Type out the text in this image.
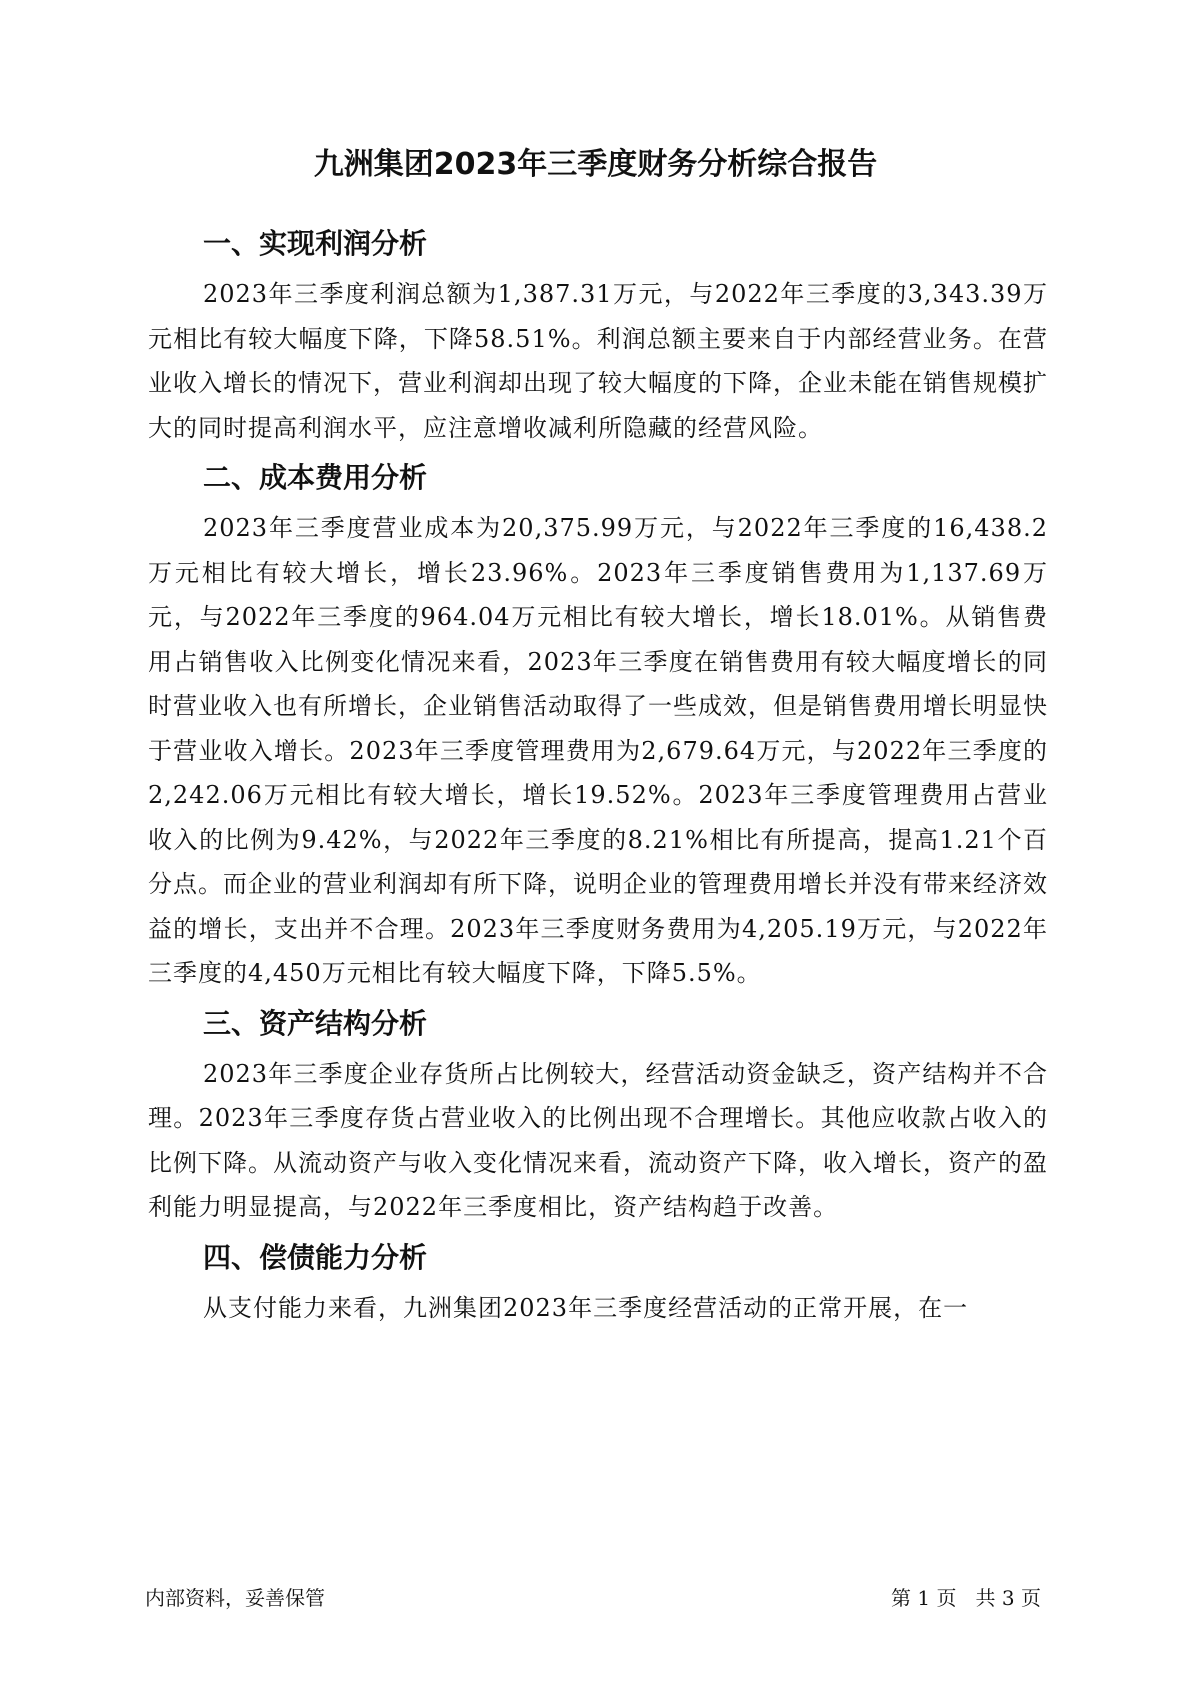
九洲集团2023年三季度财务分析综合报告
一、实现利润分析

2023年三季度利润总额为1,387.31万元，与2022年三季度的3,343.39万元相比有较大幅度下降，下降58.51%。利润总额主要来自于内部经营业务。在营业收入增长的情况下，营业利润却出现了较大幅度的下降，企业未能在销售规模扩大的同时提高利润水平，应注意增收减利所隐藏的经营风险。

二、成本费用分析

2023年三季度营业成本为20,375.99万元，与2022年三季度的16,438.2万元相比有较大增长，增长23.96%。2023年三季度销售费用为1,137.69万元，与2022年三季度的964.04万元相比有较大增长，增长18.01%。从销售费用占销售收入比例变化情况来看，2023年三季度在销售费用有较大幅度增长的同时营业收入也有所增长，企业销售活动取得了一些成效，但是销售费用增长明显快于营业收入增长。2023年三季度管理费用为2,679.64万元，与2022年三季度的2,242.06万元相比有较大增长，增长19.52%。2023年三季度管理费用占营业收入的比例为9.42%，与2022年三季度的8.21%相比有所提高，提高1.21个百分点。而企业的营业利润却有所下降，说明企业的管理费用增长并没有带来经济效益的增长，支出并不合理。2023年三季度财务费用为4,205.19万元，与2022年三季度的4,450万元相比有较大幅度下降，下降5.5%。

三、资产结构分析

2023年三季度企业存货所占比例较大，经营活动资金缺乏，资产结构并不合理。2023年三季度存货占营业收入的比例出现不合理增长。其他应收款占收入的比例下降。从流动资产与收入变化情况来看，流动资产下降，收入增长，资产的盈利能力明显提高，与2022年三季度相比，资产结构趋于改善。

四、偿债能力分析

从支付能力来看，九洲集团2023年三季度经营活动的正常开展，在一

内部资料，妥善保管	第 1 页   共 3 页
